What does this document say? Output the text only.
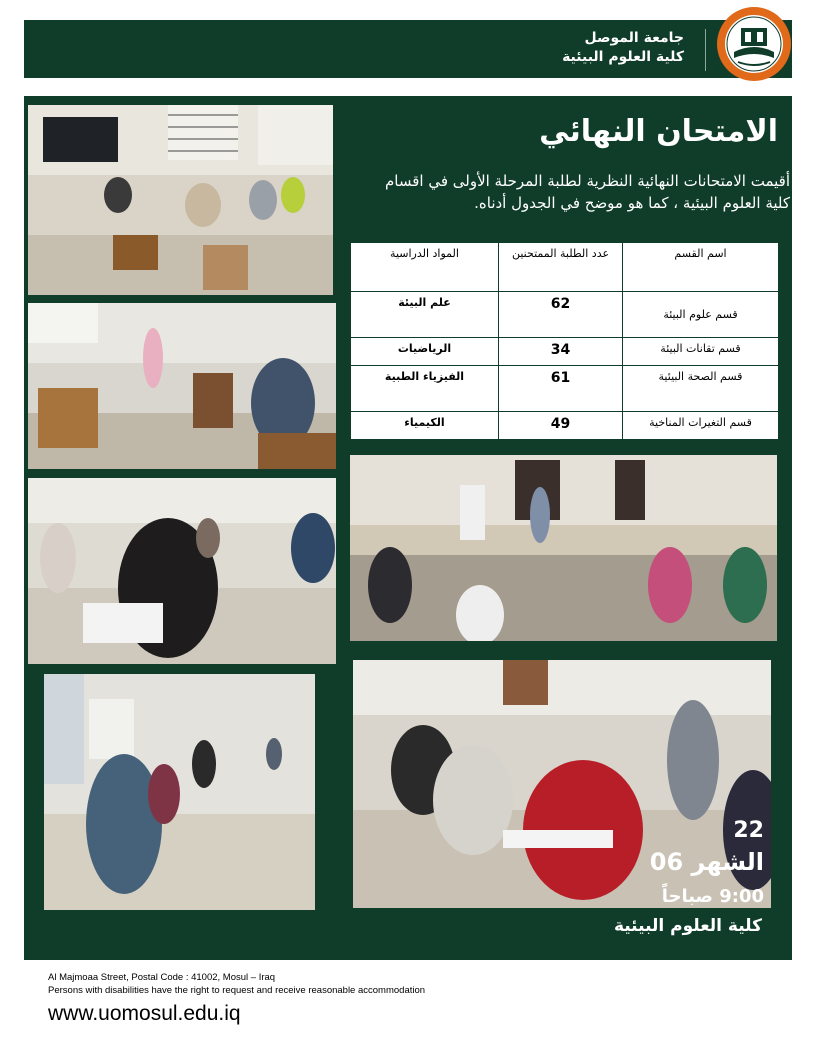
جامعة الموصل
كلية العلوم البيئية
الامتحان النهائي
أقيمت الامتحانات النهائية النظرية لطلبة المرحلة الأولى في اقسام كلية العلوم البيئية ، كما هو موضح في الجدول أدناه.
اسم القسم	عدد الطلبة الممتحنين	المواد الدراسية
قسم علوم البيئة	62	علم البيئة
قسم تقانات البيئة	34	الرياضيات
قسم الصحة البيئية	61	الفيزياء الطبية
قسم التغيرات المناخية	49	الكيمياء
22
الشهر 06
9:00 صباحاً
كلية العلوم البيئية
Al Majmoaa Street, Postal Code : 41002, Mosul – Iraq
Persons with disabilities have the right to request and receive reasonable accommodation
www.uomosul.edu.iq
